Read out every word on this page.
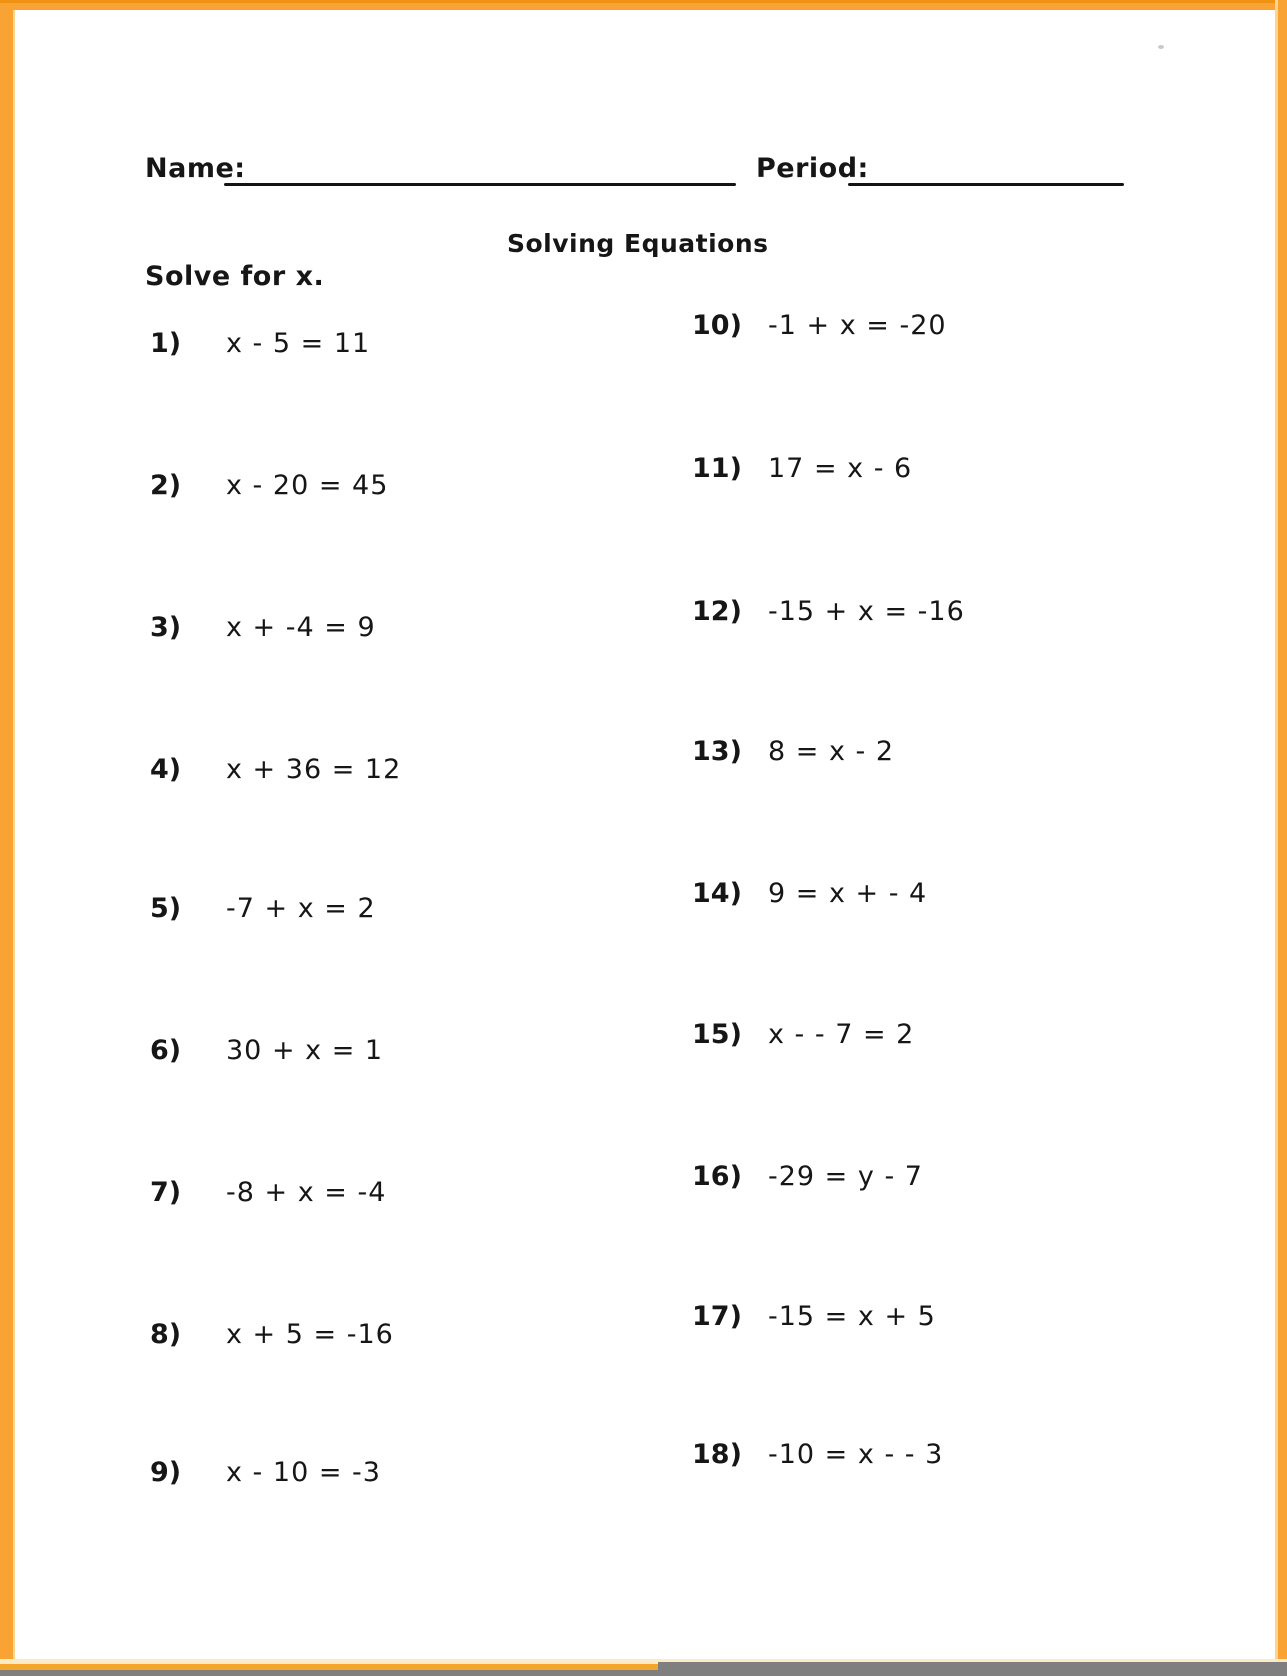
Name:	Period:
Solving Equations
Solve for x.
1) x - 5 = 11
2) x - 20 = 45
3) x + -4 = 9
4) x + 36 = 12
5) -7 + x = 2
6) 30 + x = 1
7) -8 + x = -4
8) x + 5 = -16
9) x - 10 = -3
10) -1 + x = -20
11) 17 = x - 6
12) -15 + x = -16
13) 8 = x - 2
14) 9 = x + - 4
15) x - - 7 = 2
16) -29 = y - 7
17) -15 = x + 5
18) -10 = x - - 3
